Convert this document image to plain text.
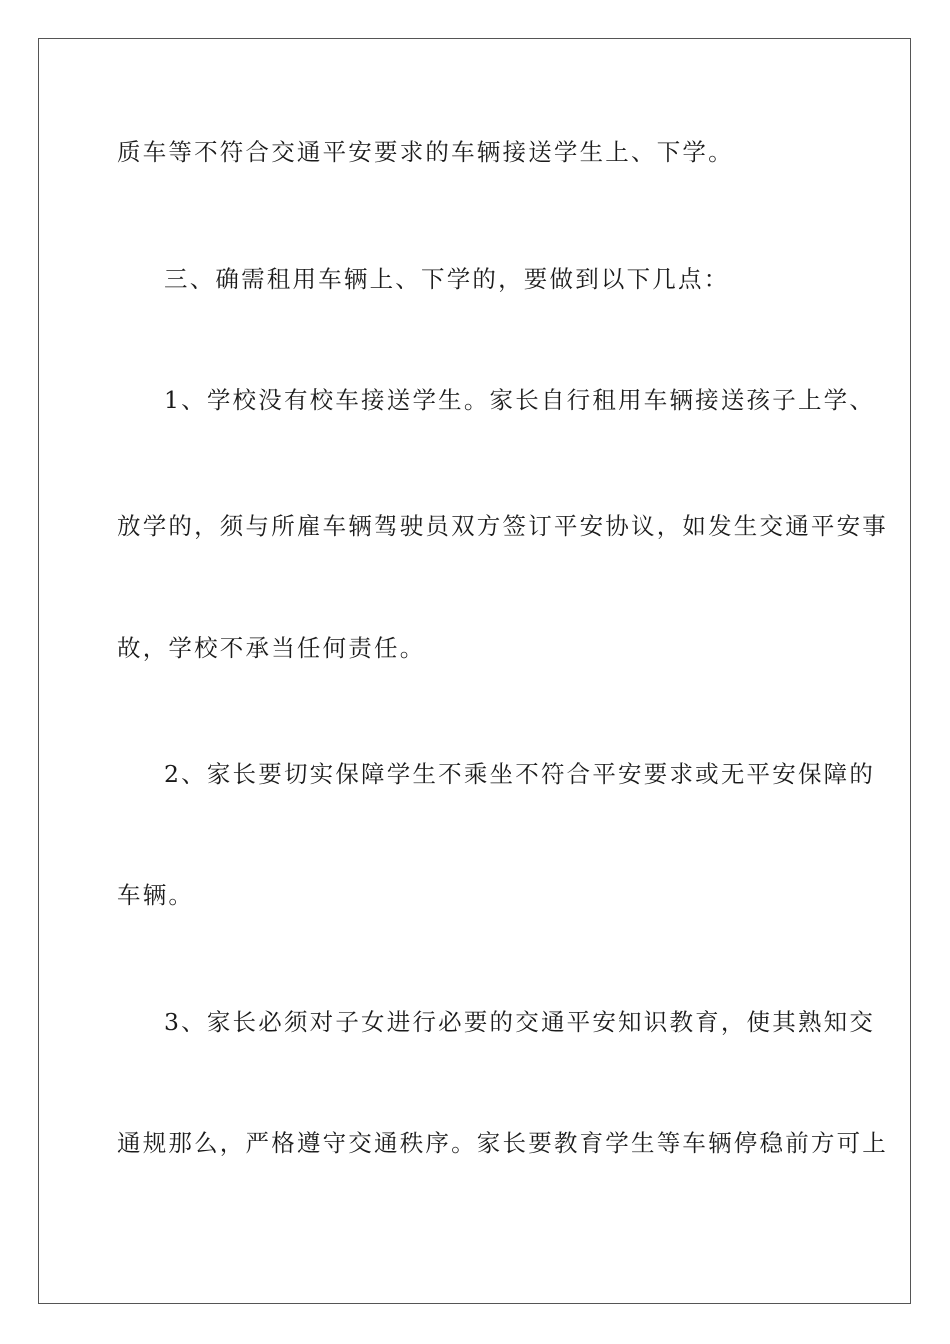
质车等不符合交通平安要求的车辆接送学生上、下学。

三、确需租用车辆上、下学的，要做到以下几点：

1、学校没有校车接送学生。家长自行租用车辆接送孩子上学、

放学的，须与所雇车辆驾驶员双方签订平安协议，如发生交通平安事

故，学校不承当任何责任。

2、家长要切实保障学生不乘坐不符合平安要求或无平安保障的

车辆。

3、家长必须对子女进行必要的交通平安知识教育，使其熟知交

通规那么，严格遵守交通秩序。家长要教育学生等车辆停稳前方可上
